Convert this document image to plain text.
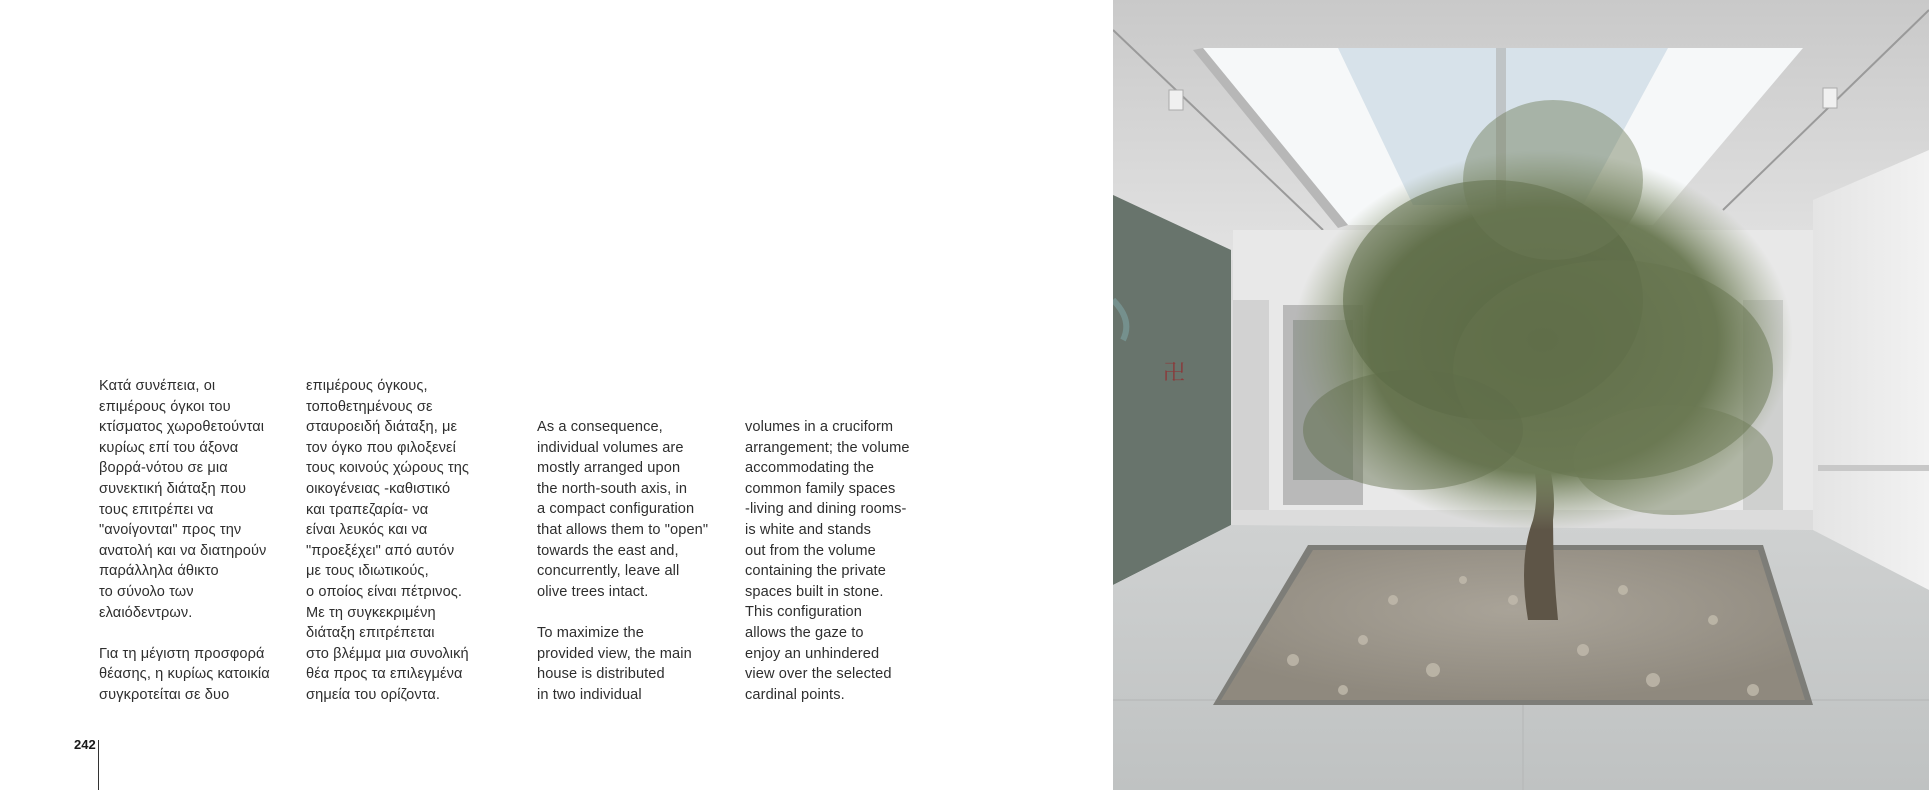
Κατά συνέπεια, οι
επιμέρους όγκοι του
κτίσματος χωροθετούνται
κυρίως επί του άξονα
βορρά-νότου σε μια
συνεκτική διάταξη που
τους επιτρέπει να
"ανοίγονται" προς την
ανατολή και να διατηρούν
παράλληλα άθικτο
το σύνολο των
ελαιόδεντρων.

Για τη μέγιστη προσφορά
θέασης, η κυρίως κατοικία
συγκροτείται σε δυο

επιμέρους όγκους,
τοποθετημένους σε
σταυροειδή διάταξη, με
τον όγκο που φιλοξενεί
τους κοινούς χώρους της
οικογένειας -καθιστικό
και τραπεζαρία- να
είναι λευκός και να
"προεξέχει" από αυτόν
με τους ιδιωτικούς,
ο οποίος είναι πέτρινος.
Με τη συγκεκριμένη
διάταξη επιτρέπεται
στο βλέμμα μια συνολική
θέα προς τα επιλεγμένα
σημεία του ορίζοντα.

As a consequence,
individual volumes are
mostly arranged upon
the north-south axis, in
a compact configuration
that allows them to "open"
towards the east and,
concurrently, leave all
olive trees intact.

To maximize the
provided view, the main
house is distributed
in two individual

volumes in a cruciform
arrangement; the volume
accommodating the
common family spaces
-living and dining rooms-
is white and stands
out from the volume
containing the private
spaces built in stone.
This configuration
allows the gaze to
enjoy an unhindered
view over the selected
cardinal points.

242
卍
